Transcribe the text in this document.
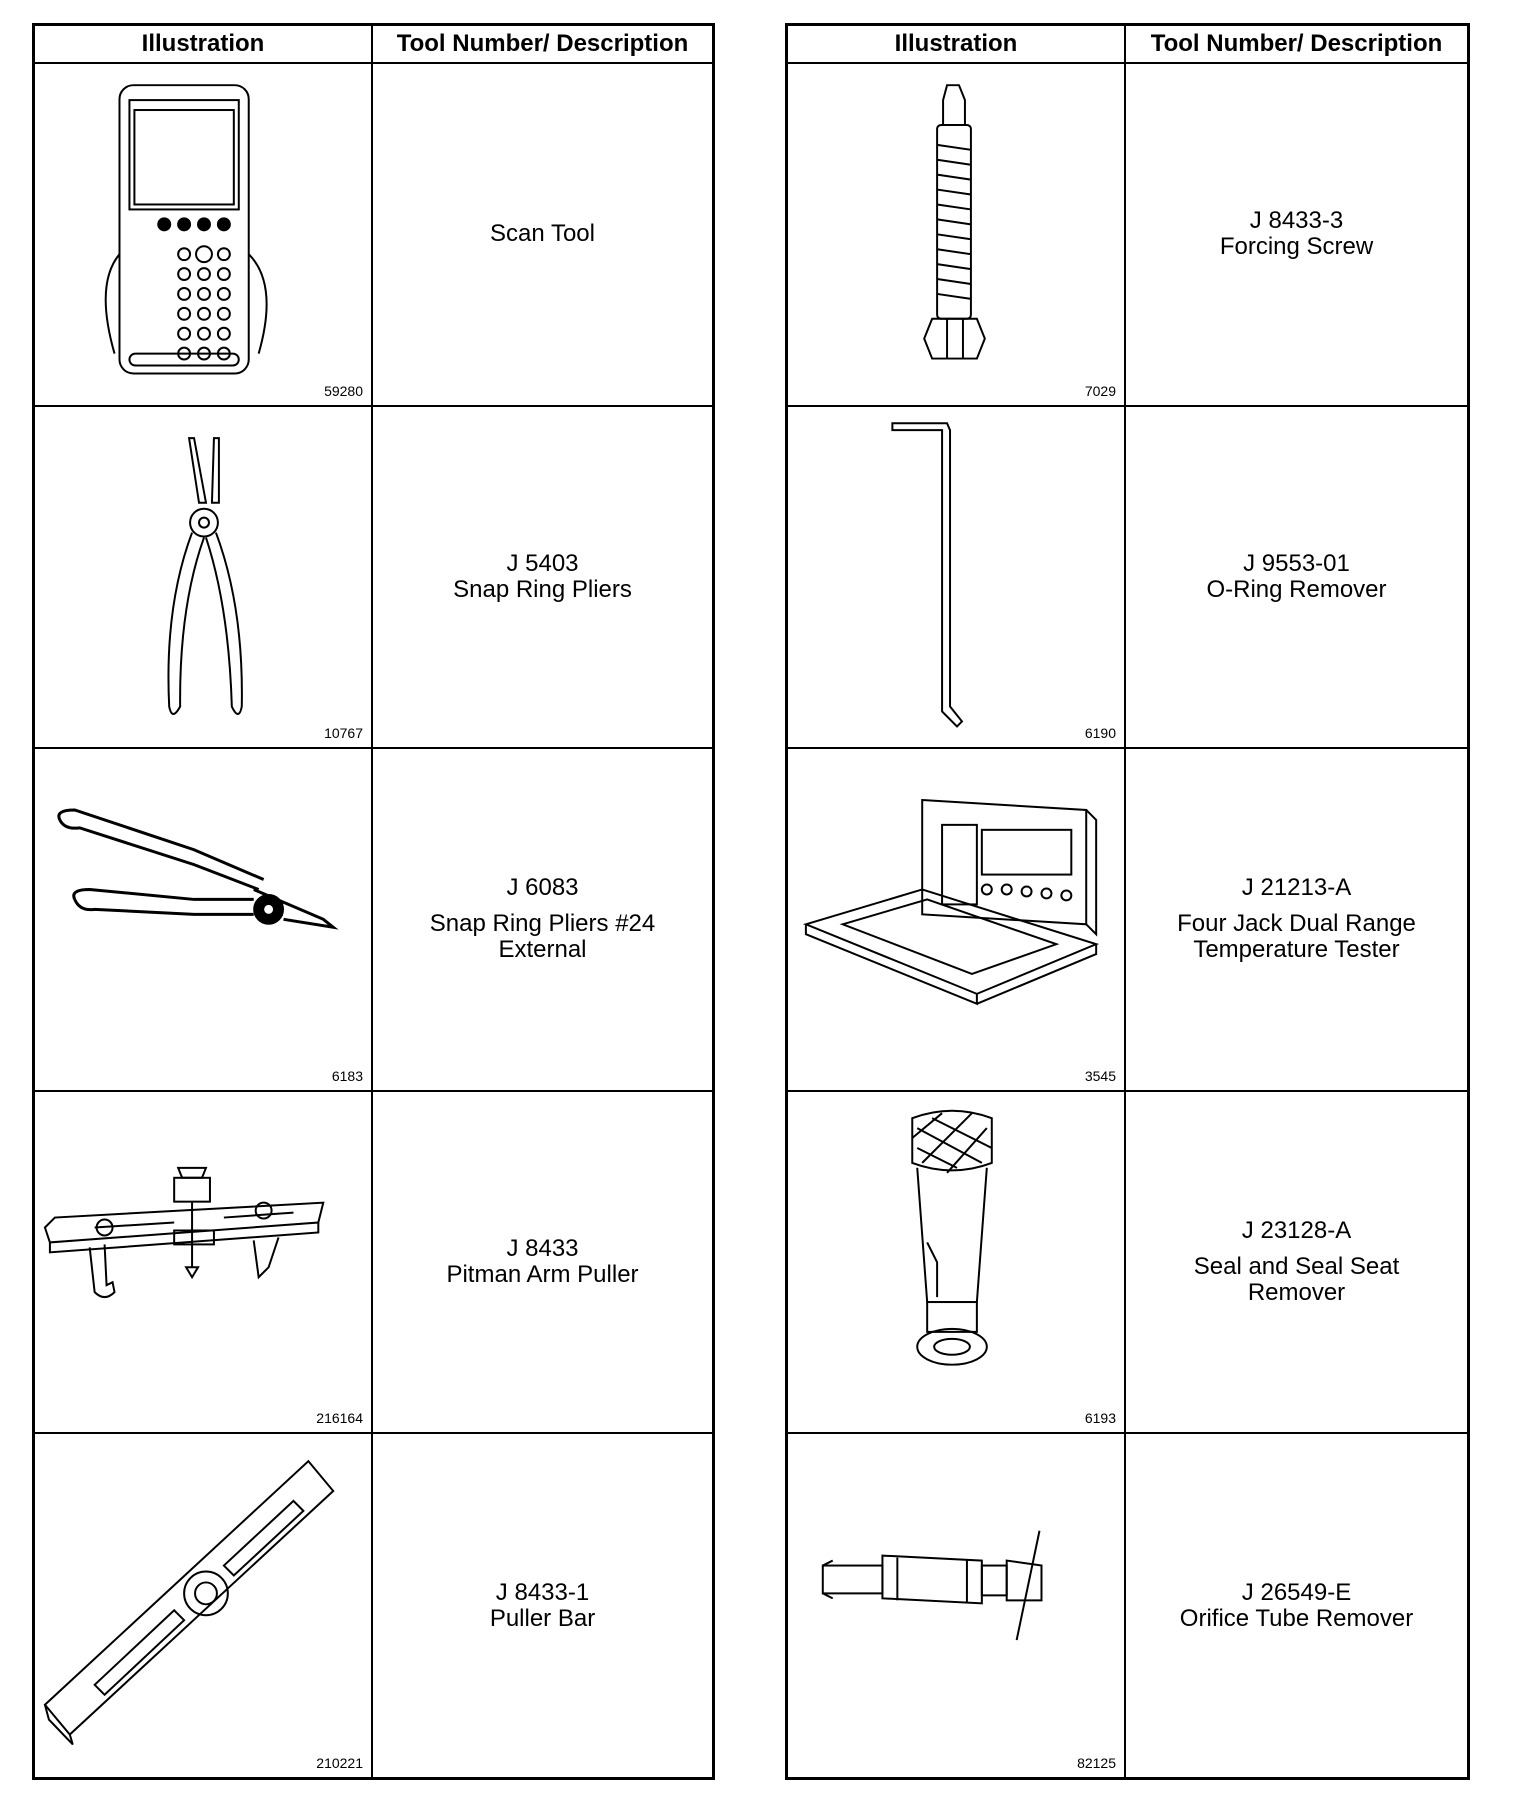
Illustration	Tool Number/ Description
59280
Scan Tool
10767
J 5403
Snap Ring Pliers
6183
J 6083
Snap Ring Pliers #24
External
216164
J 8433
Pitman Arm Puller
210221
J 8433-1
Puller Bar
Illustration	Tool Number/ Description
7029
J 8433-3
Forcing Screw
6190
J 9553-01
O-Ring Remover
3545
J 21213-A
Four Jack Dual Range
Temperature Tester
6193
J 23128-A
Seal and Seal Seat
Remover
82125
J 26549-E
Orifice Tube Remover
